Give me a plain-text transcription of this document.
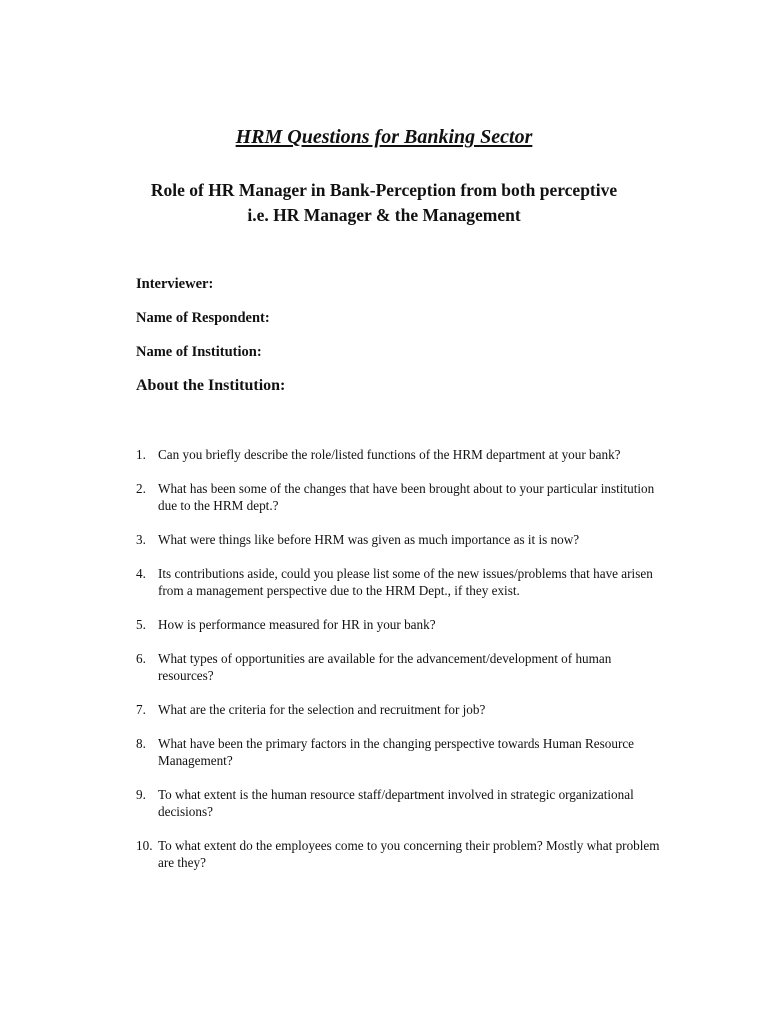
HRM Questions for Banking Sector
Role of HR Manager in Bank-Perception from both perceptive
i.e. HR Manager & the Management
Interviewer:
Name of Respondent:
Name of Institution:
About the Institution:
1. Can you briefly describe the role/listed functions of the HRM department at your bank?
2. What has been some of the changes that have been brought about to your particular institution due to the HRM dept.?
3. What were things like before HRM was given as much importance as it is now?
4. Its contributions aside, could you please list some of the new issues/problems that have arisen from a management perspective due to the HRM Dept., if they exist.
5. How is performance measured for HR in your bank?
6. What types of opportunities are available for the advancement/development of human resources?
7. What are the criteria for the selection and recruitment for job?
8. What have been the primary factors in the changing perspective towards Human Resource Management?
9. To what extent is the human resource staff/department involved in strategic organizational decisions?
10. To what extent do the employees come to you concerning their problem? Mostly what problem are they?
